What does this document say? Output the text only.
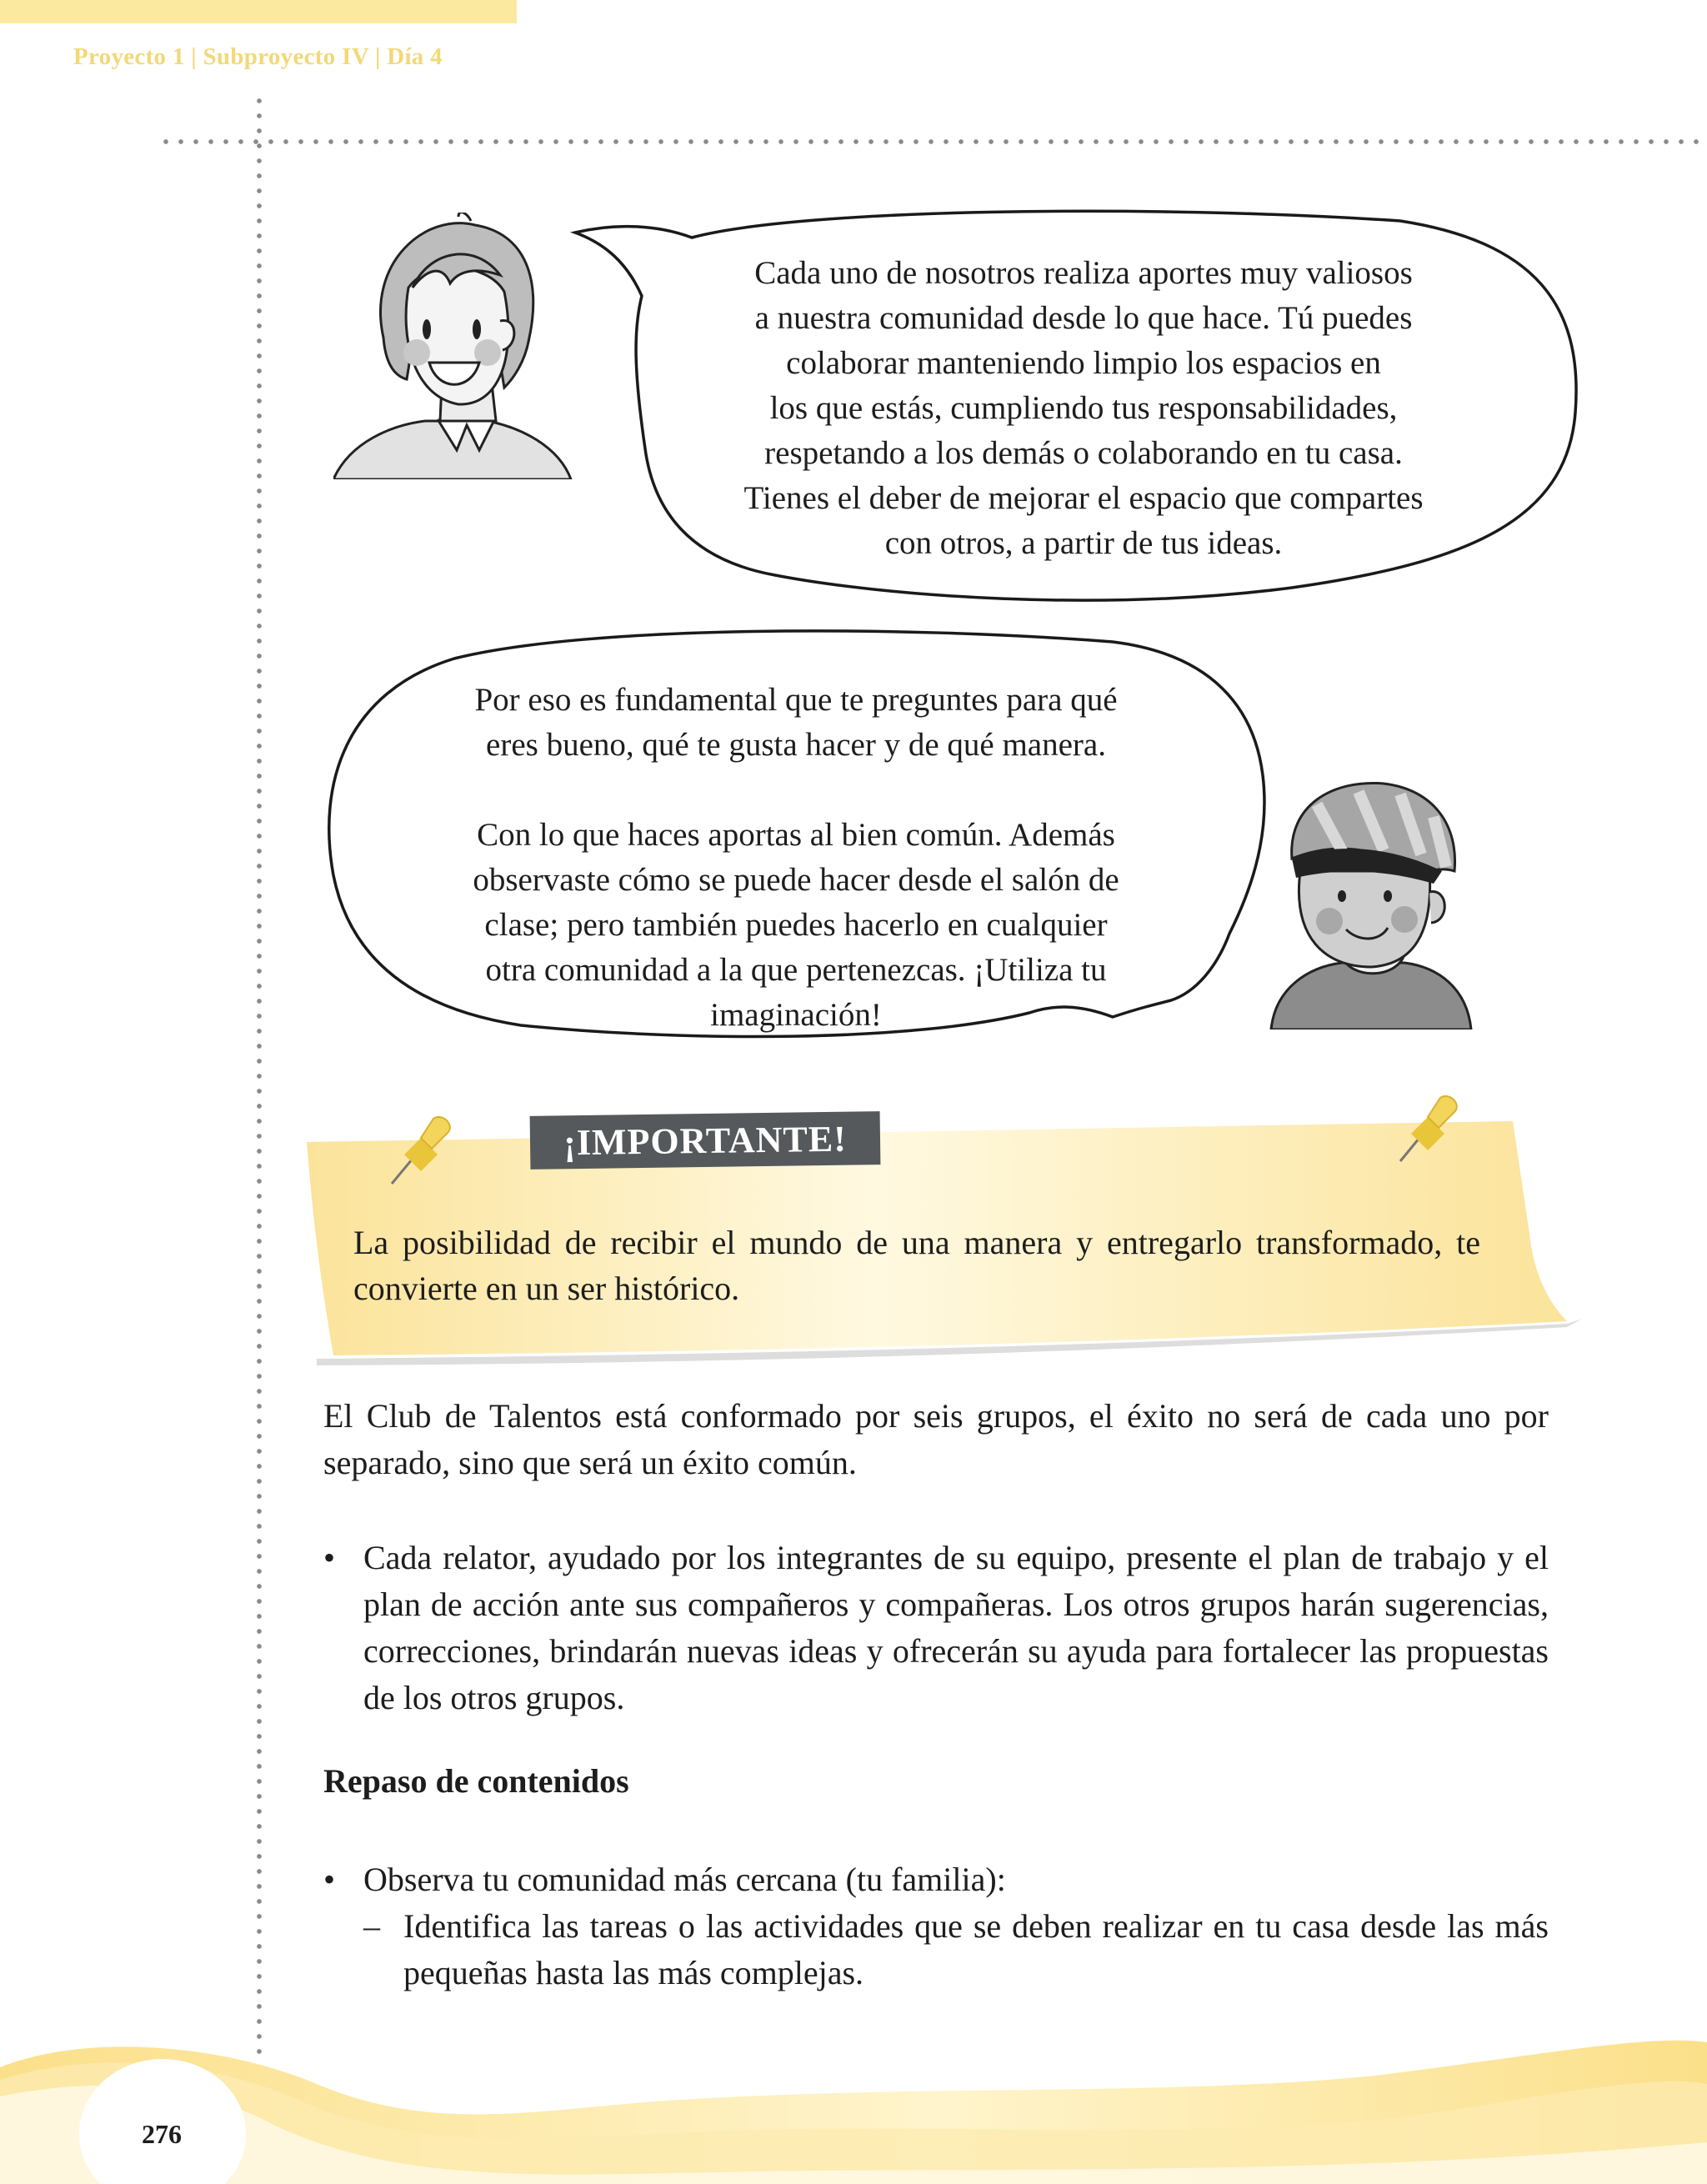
Proyecto 1 | Subproyecto IV | Día 4

Cada uno de nosotros realiza aportes muy valiosos

a nuestra comunidad desde lo que hace. Tú puedes

colaborar manteniendo limpio los espacios en

los que estás, cumpliendo tus responsabilidades,

respetando a los demás o colaborando en tu casa.

Tienes el deber de mejorar el espacio que compartes

con otros, a partir de tus ideas.

Por eso es fundamental que te preguntes para qué

eres bueno, qué te gusta hacer y de qué manera.

Con lo que haces aportas al bien común. Además

observaste cómo se puede hacer desde el salón de

clase; pero también puedes hacerlo en cualquier

otra comunidad a la que pertenezcas. ¡Utiliza tu

imaginación!

¡IMPORTANTE!
La posibilidad de recibir el mundo de una manera y entregarlo transformado, te convierte en un ser histórico.

El Club de Talentos está conformado por seis grupos, el éxito no será de cada uno por separado, sino que será un éxito común.

• Cada relator, ayudado por los integrantes de su equipo, presente el plan de trabajo y el plan de acción ante sus compañeros y compañeras. Los otros grupos harán sugerencias, correcciones, brindarán nuevas ideas y ofrecerán su ayuda para fortalecer las propuestas de los otros grupos.
Repaso de contenidos
• Observa tu comunidad más cercana (tu familia):
– Identifica las tareas o las actividades que se deben realizar en tu casa desde las más pequeñas hasta las más complejas.
276
